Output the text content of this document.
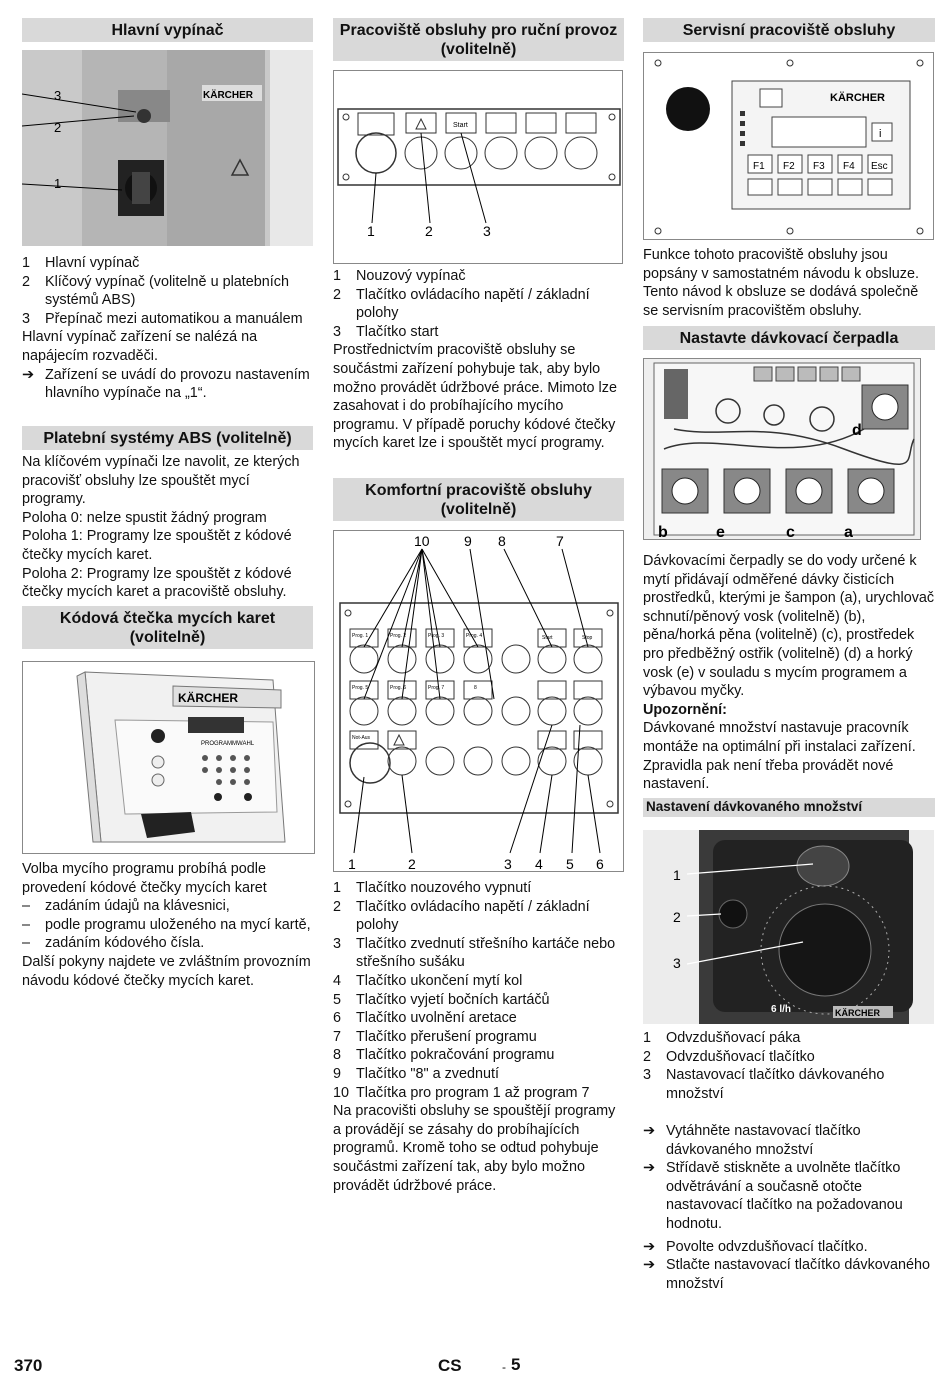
Hlavní vypínač
KÄRCHER
3
2
1
1	Hlavní vypínač
2	Klíčový vypínač (volitelně u platebních systémů ABS)
3	Přepínač mezi automatikou a manuálem
Hlavní vypínač zařízení se nalézá na napájecím rozvaděči.
➔ Zařízení se uvádí do provozu nastavením hlavního vypínače na „1“.
Platební systémy ABS (volitelně)
Na klíčovém vypínači lze navolit, ze kterých pracovišť obsluhy lze spouštět mycí programy.
Poloha 0: nelze spustit žádný program
Poloha 1: Programy lze spouštět z kódové čtečky mycích karet.
Poloha 2: Programy lze spouštět z kódové čtečky mycích karet a pracoviště obsluhy.
Kódová čtečka mycích karet (volitelně)
KÄRCHER
PROGRAMMWAHL
Volba mycího programu probíhá podle provedení kódové čtečky mycích karet
–	zadáním údajů na klávesnici,
–	podle programu uloženého na mycí kartě,
–	zadáním kódového čísla.
Další pokyny najdete ve zvláštním provozním návodu kódové čtečky mycích karet.
Pracoviště obsluhy pro ruční provoz (volitelně)
Start
1	2	3
1	Nouzový vypínač
2	Tlačítko ovládacího napětí / základní polohy
3	Tlačítko start
Prostřednictvím pracoviště obsluhy se součástmi zařízení pohybuje tak, aby bylo možno provádět údržbové práce. Mimoto lze zasahovat i do probíhajícího mycího programu. V případě poruchy kódové čtečky mycích karet lze i spouštět mycí programy.
Komfortní pracoviště obsluhy (volitelně)
Prog. 1	Prog. 2	Prog. 3	Prog. 4
Prog. 5	Prog. 6	Prog. 7	8
Start	Stop
Not-Aus
10 9 8	7
1	2	3 4 5 6
1	Tlačítko nouzového vypnutí
2	Tlačítko ovládacího napětí / základní polohy
3	Tlačítko zvednutí střešního kartáče nebo střešního sušáku
4	Tlačítko ukončení mytí kol
5	Tlačítko vyjetí bočních kartáčů
6	Tlačítko uvolnění aretace
7	Tlačítko přerušení programu
8	Tlačítko pokračování programu
9	Tlačítko "8" a zvednutí
10 Tlačítka pro program 1 až program 7
Na pracovišti obsluhy se spouštějí programy a provádějí se zásahy do probíhajících programů. Kromě toho se odtud pohybuje součástmi zařízení tak, aby bylo možno provádět údržbové práce.
Servisní pracoviště obsluhy
KÄRCHER
i
F1 F2 F3 F4 Esc
Funkce tohoto pracoviště obsluhy jsou popsány v samostatném návodu k obsluze. Tento návod k obsluze se dodává společně se servisním pracovištěm obsluhy.
Nastavte dávkovací čerpadla
d
b	e	c	a
Dávkovacími čerpadly se do vody určené k mytí přidávají odměřené dávky čisticích prostředků, kterými je šampon (a), urychlovač schnutí/pěnový vosk (volitelně) (b), pěna/horká pěna (volitelně) (c), prostředek pro předběžný ostřik (volitelně) (d) a horký vosk (e) v souladu s mycím programem a výbavou myčky.
Upozornění:
Dávkované množství nastavuje pracovník montáže na optimální při instalaci zařízení. Zpravidla pak není třeba provádět nové nastavení.
Nastavení dávkovaného množství
KÄRCHER
6 l/h
1
2
3
1	Odvzdušňovací páka
2	Odvzdušňovací tlačítko
3	Nastavovací tlačítko dávkovaného množství
➔ Vytáhněte nastavovací tlačítko dávkovaného množství
➔ Střídavě stiskněte a uvolněte tlačítko odvětrávání a současně otočte nastavovací tlačítko na požadovanou hodnotu.
➔ Povolte odvzdušňovací tlačítko.
➔ Stlačte nastavovací tlačítko dávkovaného množství
370	CS	- 5
